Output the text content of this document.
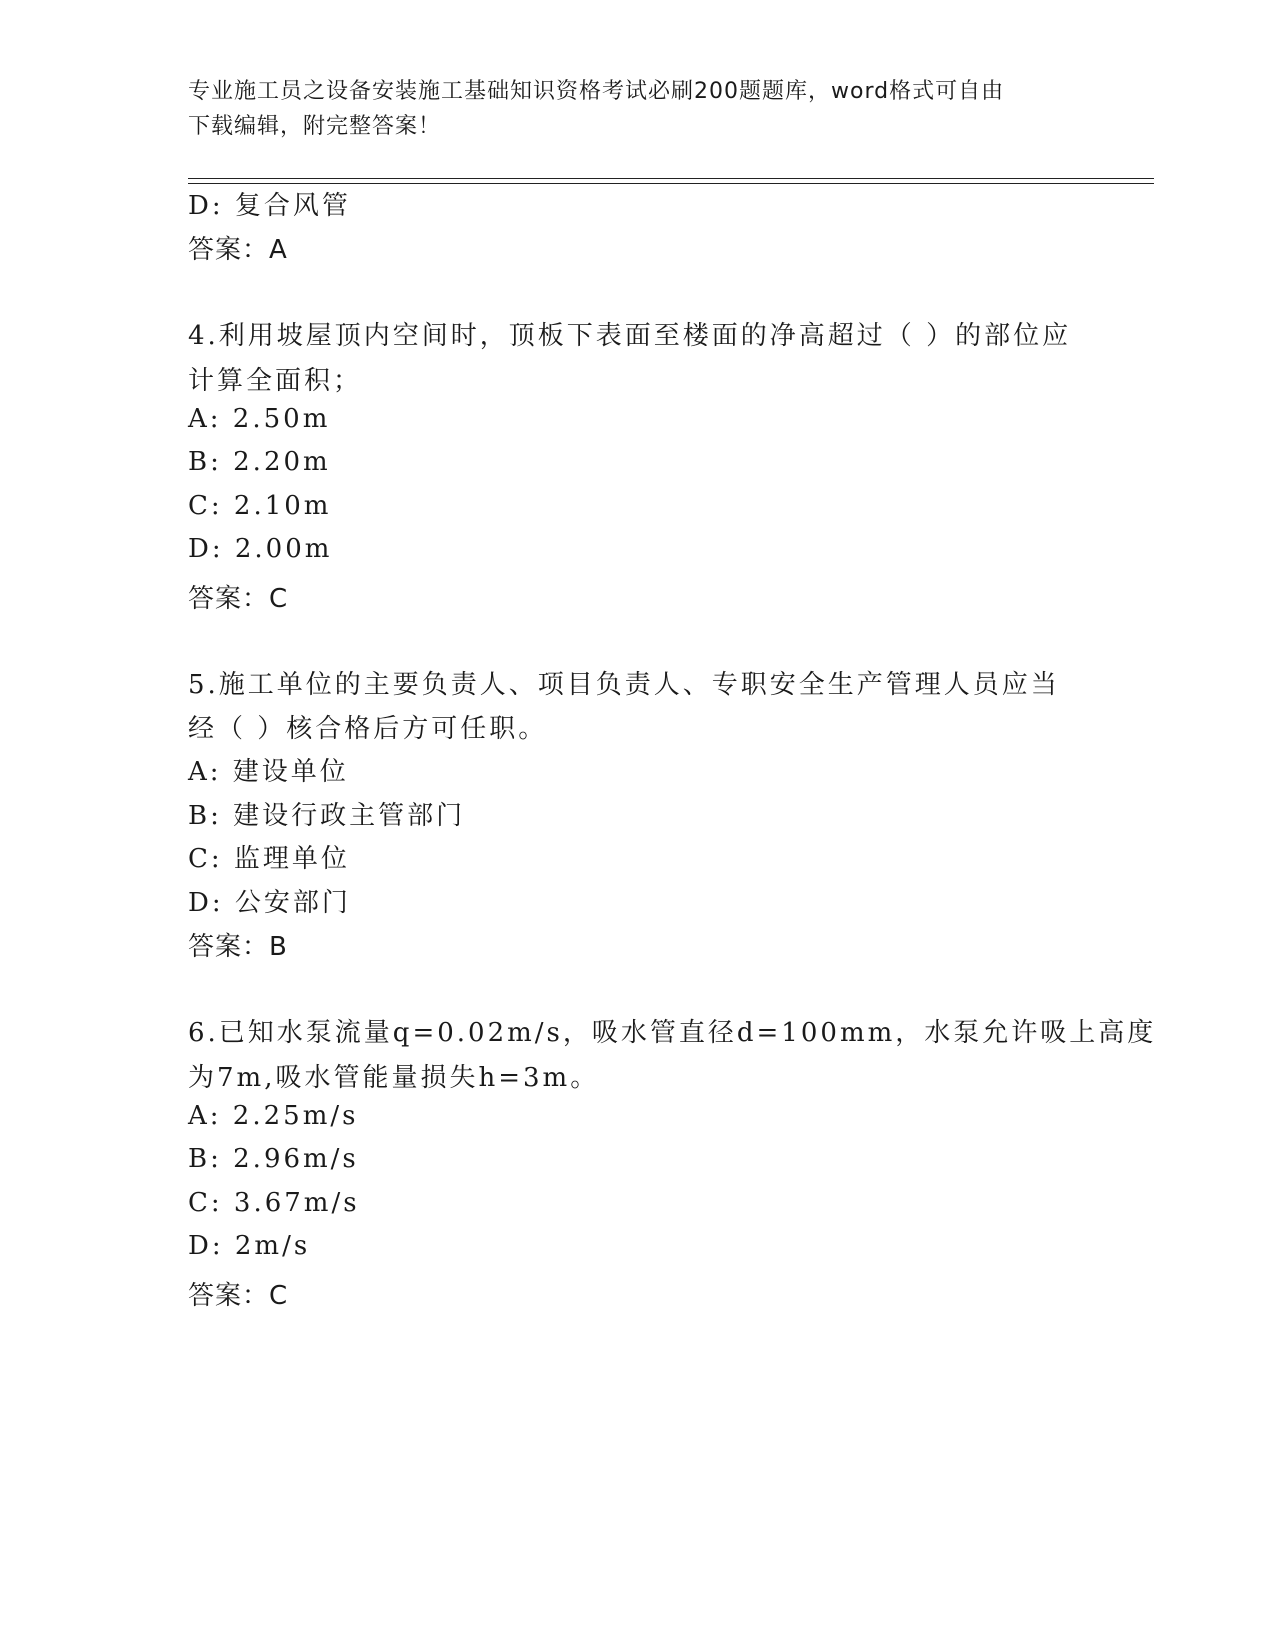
专业施工员之设备安装施工基础知识资格考试必刷200题题库，word格式可自由
下载编辑，附完整答案！
D: 复合风管
答案：A
4.利用坡屋顶内空间时，顶板下表面至楼面的净高超过（ ）的部位应
计算全面积；
A: 2.50m
B: 2.20m
C: 2.10m
D: 2.00m
答案：C
5.施工单位的主要负责人、项目负责人、专职安全生产管理人员应当
经（ ）核合格后方可任职。
A: 建设单位
B: 建设行政主管部门
C: 监理单位
D: 公安部门
答案：B
6.已知水泵流量q=0.02m/s，吸水管直径d=100mm，水泵允许吸上高度
为7m,吸水管能量损失h=3m。
A: 2.25m/s
B: 2.96m/s
C: 3.67m/s
D: 2m/s
答案：C
